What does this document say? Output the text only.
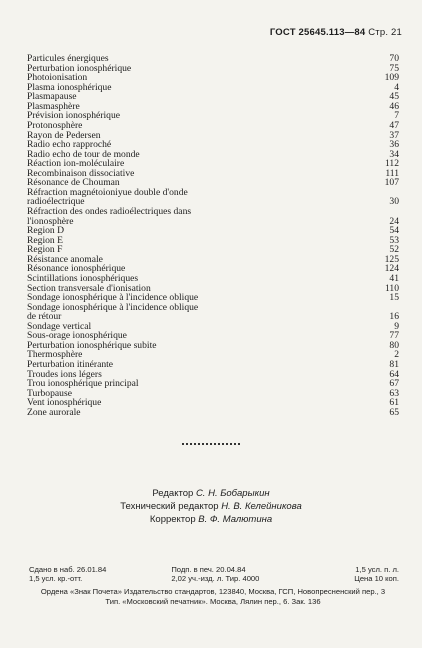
ГОСТ 25645.113—84 Стр. 21
Particules énergiques	70
Perturbation ionosphérique	75
Photoionisation	109
Plasma ionosphérique	4
Plasmapause	45
Plasmasphère	46
Prévision ionosphérique	7
Protonosphère	47
Rayon de Pedersen	37
Radio echo rapproché	36
Radio echo de tour de monde	34
Réaction ion-moléculaire	112
Recombinaison dissociative	111
Résonance de Chouman	107
Réfraction magnétoioniyue double d'onde
radioélectrique	30
Réfraction des ondes radioélectriques dans
l'ionosphère	24
Region D	54
Region E	53
Region F	52
Résistance anomale	125
Résonance ionosphérique	124
Scintillations ionosphériques	41
Section transversale d'ionisation	110
Sondage ionosphérique à l'incidence oblique	15
Sondage ionosphérique à l'incidence oblique
de rétour	16
Sondage vertical	9
Sous-orage ionosphérique	77
Perturbation ionosphérique subite	80
Thermosphère	2
Perturbation itinérante	81
Troudes ions légers	64
Trou ionosphérique principal	67
Turbopause	63
Vent ionosphérique	61
Zone aurorale	65
Редактор С. Н. Бобарыкин
Технический редактор Н. В. Келейникова
Корректор В. Ф. Малютина
Сдано в наб. 26.01.84	Подп. в печ. 20.04.84	1,5 усл. п. л.
1,5 усл. кр.-отт.	2,02 уч.-изд. л. Тир. 4000	Цена 10 коп.
Ордена «Знак Почета» Издательство стандартов, 123840, Москва, ГСП, Новопресненский пер., 3
Тип. «Московский печатник». Москва, Лялин пер., 6. Зак. 136
